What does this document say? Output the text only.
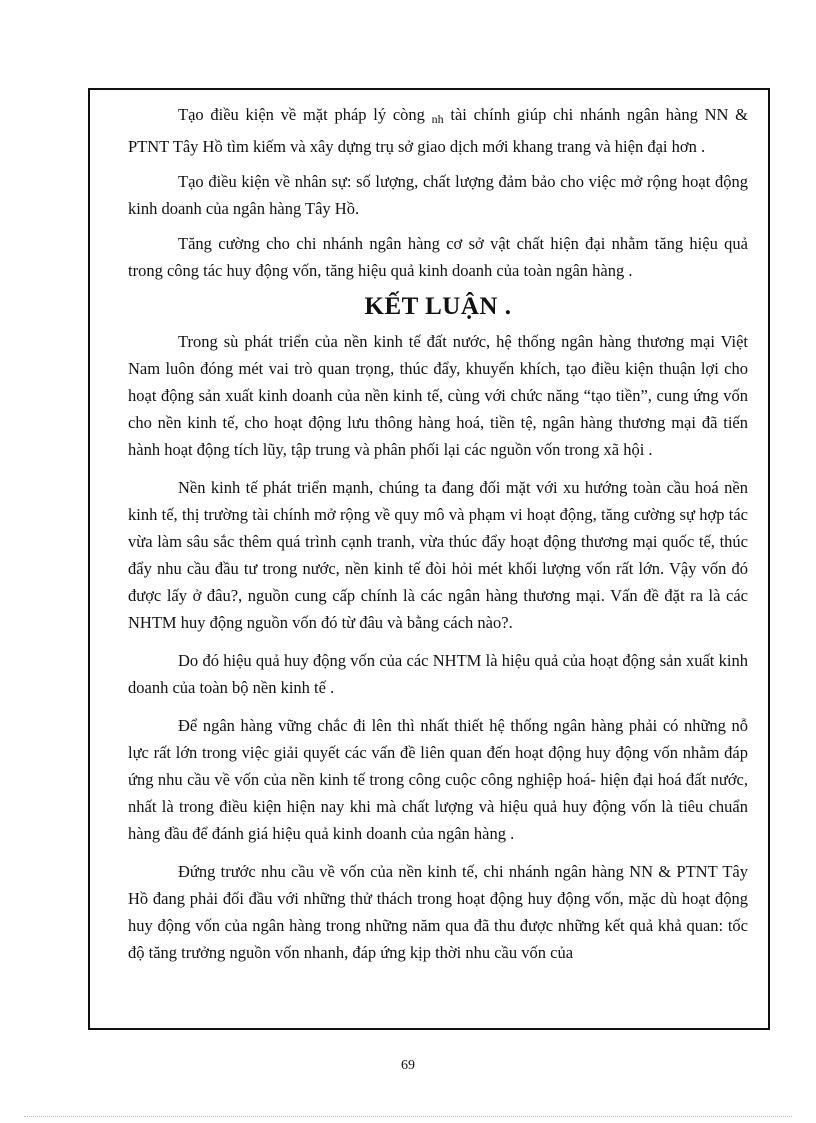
Tạo điều kiện về mặt pháp lý còng $_{nh}$ tài chính giúp chi nhánh ngân hàng NN & PTNT Tây Hồ tìm kiếm và xây dựng trụ sở giao dịch mới khang trang và hiện đại hơn .

Tạo điều kiện về nhân sự: số lượng, chất lượng đảm bảo cho việc mở rộng hoạt động kinh doanh của ngân hàng Tây Hồ.

Tăng cường cho chi nhánh ngân hàng cơ sở vật chất hiện đại nhằm tăng hiệu quả trong công tác huy động vốn, tăng hiệu quả kinh doanh của toàn ngân hàng .

KẾT LUẬN .

Trong sù phát triển của nền kinh tế đất nước, hệ thống ngân hàng thương mại Việt Nam luôn đóng mét vai trò quan trọng, thúc đẩy, khuyến khích, tạo điều kiện thuận lợi cho hoạt động sản xuất kinh doanh của nền kinh tế, cùng với chức năng “tạo tiền”, cung ứng vốn cho nền kinh tế, cho hoạt động lưu thông hàng hoá, tiền tệ, ngân hàng thương mại đã tiến hành hoạt động tích lũy, tập trung và phân phối lại các nguồn vốn trong xã hội .

Nền kinh tế phát triển mạnh, chúng ta đang đối mặt với xu hướng toàn cầu hoá nền kinh tế, thị trường tài chính mở rộng về quy mô và phạm vi hoạt động, tăng cường sự hợp tác vừa làm sâu sắc thêm quá trình cạnh tranh, vừa thúc đẩy hoạt động thương mại quốc tế, thúc đẩy nhu cầu đầu tư trong nước, nền kinh tế đòi hỏi mét khối lượng vốn rất lớn. Vậy vốn đó được lấy ở đâu?, nguồn cung cấp chính là các ngân hàng thương mại. Vấn đề đặt ra là các NHTM huy động nguồn vốn đó từ đâu và bằng cách nào?.

Do đó hiệu quả huy động vốn của các NHTM là hiệu quả của hoạt động sản xuất kinh doanh của toàn bộ nền kinh tế .

Để ngân hàng vững chắc đi lên thì nhất thiết hệ thống ngân hàng phải có những nỗ lực rất lớn trong việc giải quyết các vấn đề liên quan đến hoạt động huy động vốn nhằm đáp ứng nhu cầu về vốn của nền kinh tế trong công cuộc công nghiệp hoá- hiện đại hoá đất nước, nhất là trong điều kiện hiện nay khi mà chất lượng và hiệu quả huy động vốn là tiêu chuẩn hàng đầu để đánh giá hiệu quả kinh doanh của ngân hàng .

Đứng trước nhu cầu về vốn của nền kinh tế, chi nhánh ngân hàng NN & PTNT Tây Hồ đang phải đối đầu với những thử thách trong hoạt động huy động vốn, mặc dù hoạt động huy động vốn của ngân hàng trong những năm qua đã thu được những kết quả khả quan: tốc độ tăng trưởng nguồn vốn nhanh, đáp ứng kịp thời nhu cầu vốn của

69
